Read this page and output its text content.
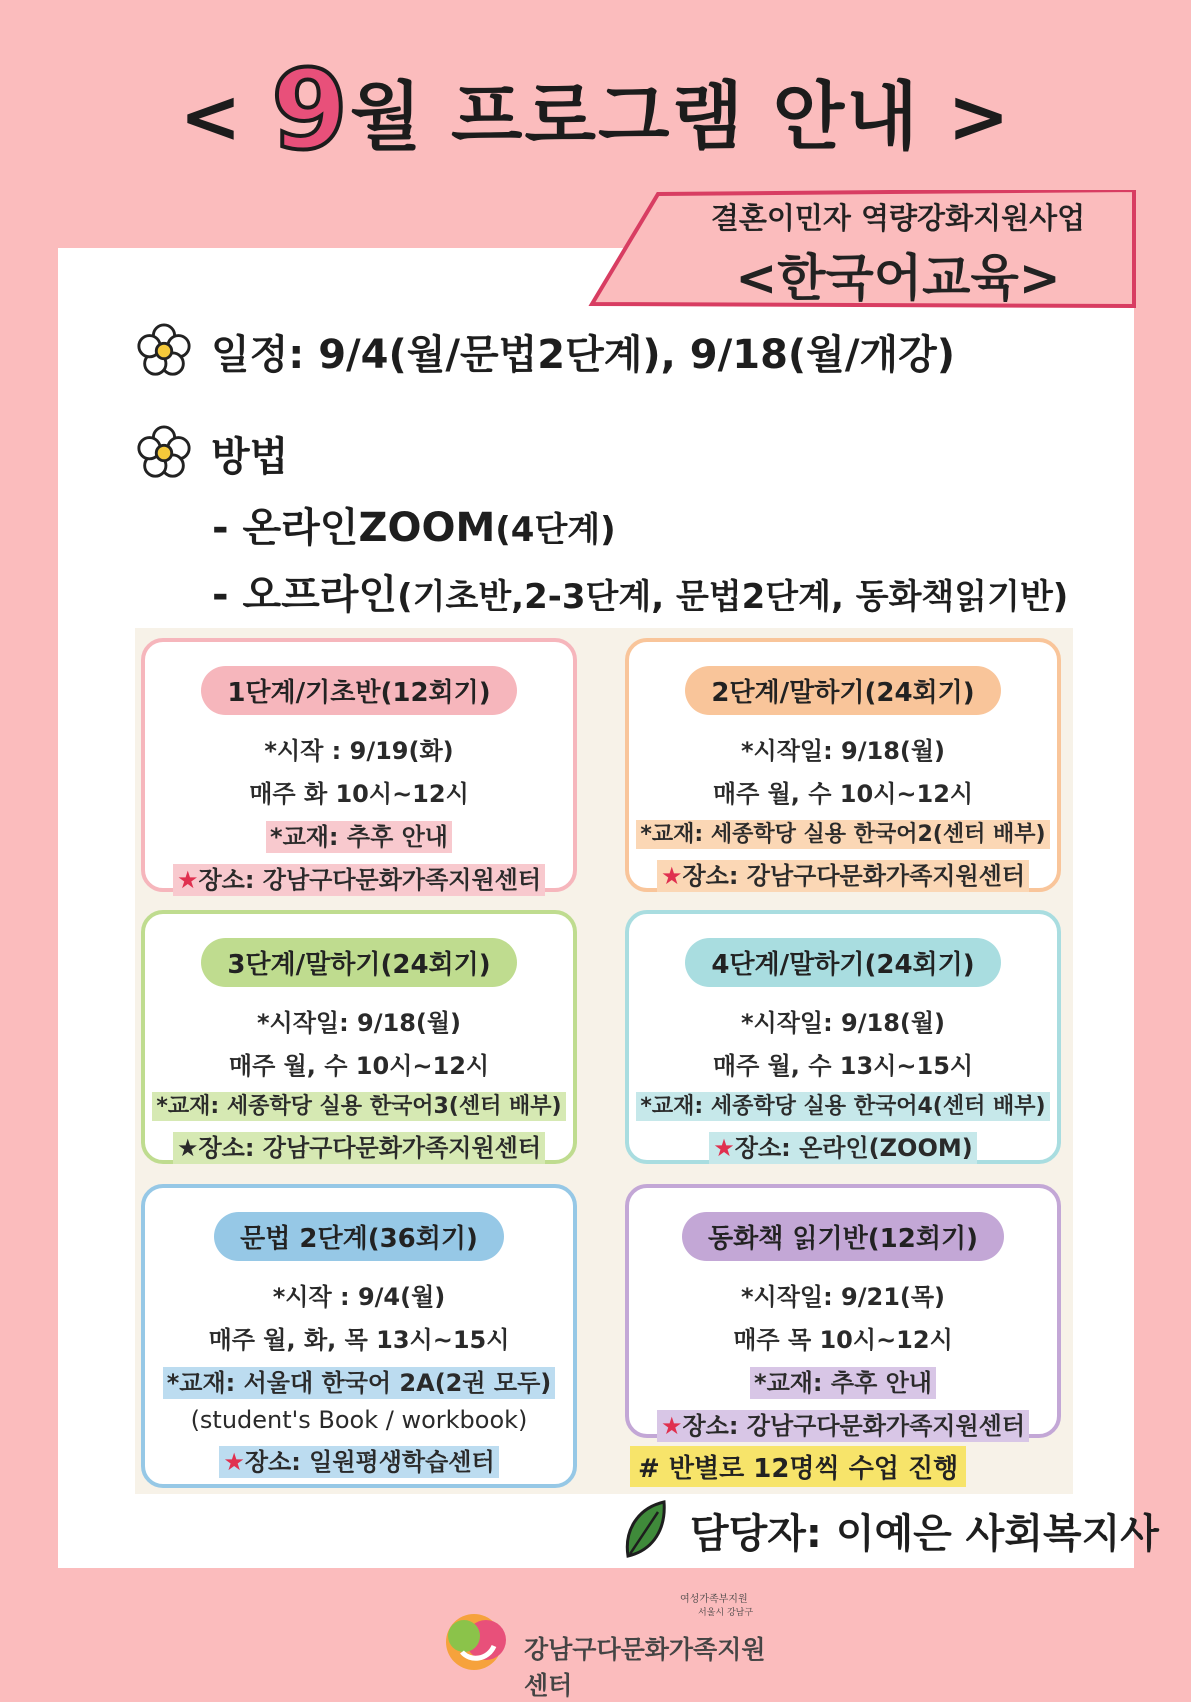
< 9월 프로그램 안내 >
결혼이민자 역량강화지원사업
<한국어교육>
일정: 9/4(월/문법2단계), 9/18(월/개강)
방법
- 온라인ZOOM(4단계)
- 오프라인(기초반,2-3단계, 문법2단계, 동화책읽기반)
1단계/기초반(12회기)
*시작 : 9/19(화)
매주 화 10시~12시
*교재: 추후 안내
★장소: 강남구다문화가족지원센터
2단계/말하기(24회기)
*시작일: 9/18(월)
매주 월, 수 10시~12시
*교재: 세종학당 실용 한국어2(센터 배부)
★장소: 강남구다문화가족지원센터
3단계/말하기(24회기)
*시작일: 9/18(월)
매주 월, 수 10시~12시
*교재: 세종학당 실용 한국어3(센터 배부)
★장소: 강남구다문화가족지원센터
4단계/말하기(24회기)
*시작일: 9/18(월)
매주 월, 수 13시~15시
*교재: 세종학당 실용 한국어4(센터 배부)
★장소: 온라인(ZOOM)
문법 2단계(36회기)
*시작 : 9/4(월)
매주 월, 화, 목 13시~15시
*교재: 서울대 한국어 2A(2권 모두)
(student's Book / workbook)
★장소: 일원평생학습센터
동화책 읽기반(12회기)
*시작일: 9/21(목)
매주 목 10시~12시
*교재: 추후 안내
★장소: 강남구다문화가족지원센터
# 반별로 12명씩 수업 진행
담당자: 이예은 사회복지사
여성가족부지원
서울시 강남구
강남구다문화가족지원센터
